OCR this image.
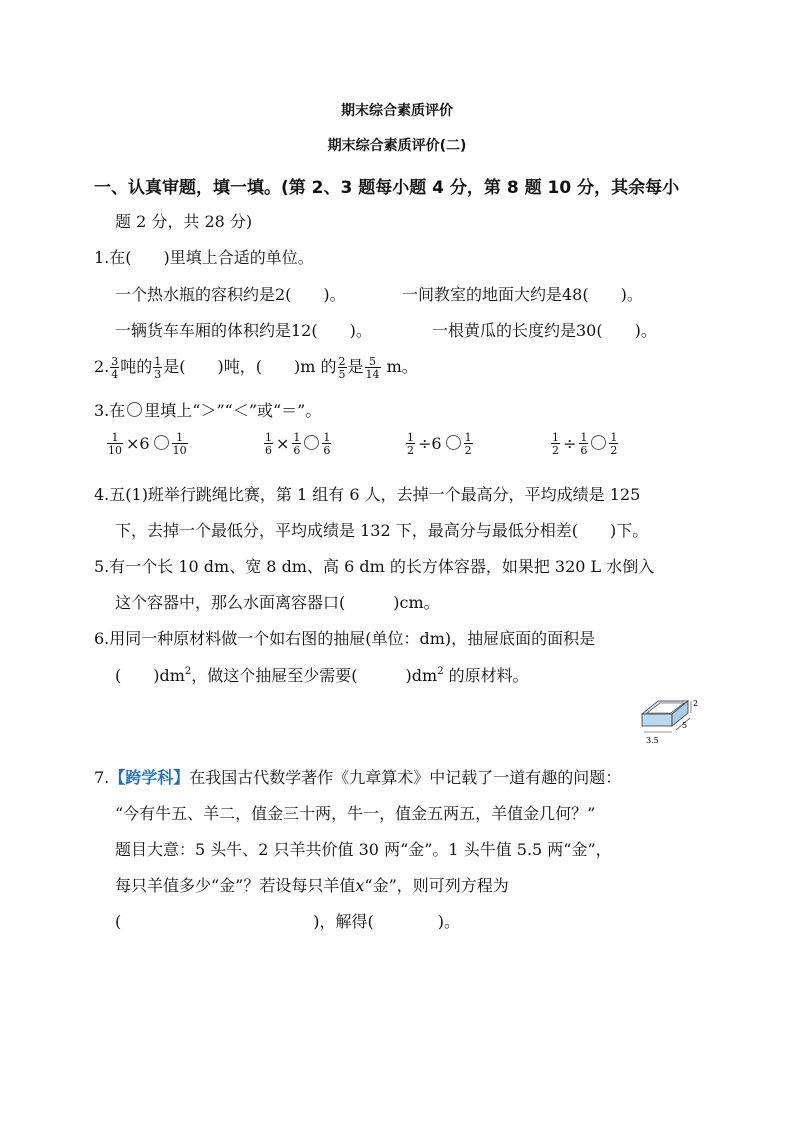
期末综合素质评价
期末综合素质评价(二)
一、认真审题，填一填。(第 2、3 题每小题 4 分，第 8 题 10 分，其余每小
题 2 分，共 28 分)
1.在(　　)里填上合适的单位。
一个热水瓶的容积约是2(　　)。	一间教室的地面大约是48(　　)。
一辆货车车厢的体积约是12(　　)。	一根黄瓜的长度约是30(　　)。
2. $\frac{3}{4}$ 吨的 $\frac{1}{3}$ 是(　　)吨，(　　)m 的 $\frac{2}{5}$ 是 $\frac{5}{14}$ m。
3.在 里填上“＞”“＜”或“＝”。
$\frac{1}{10} \times 6 \frac{1}{10}$	$\frac{1}{6} \times \frac{1}{6} \frac{1}{6}$	$\frac{1}{2} \div 6 \frac{1}{2}$	$\frac{1}{2} \div \frac{1}{6} \frac{1}{2}$
4.五(1)班举行跳绳比赛，第 1 组有 6 人，去掉一个最高分，平均成绩是 125
下，去掉一个最低分，平均成绩是 132 下，最高分与最低分相差(　　)下。
5.有一个长 10 dm、宽 8 dm、高 6 dm 的长方体容器，如果把 320 L 水倒入
这个容器中，那么水面离容器口(　　　)cm。
6.用同一种原材料做一个如右图的抽屉(单位：dm)，抽屉底面的面积是
(　　)$dm^2$，做这个抽屉至少需要(　　　)$dm^2$ 的原材料。
2
5
3.5
7.【跨学科】在我国古代数学著作《九章算术》中记载了一道有趣的问题：
“今有牛五、羊二，值金三十两，牛一，值金五两五，羊值金几何？”
题目大意：5 头牛、2 只羊共价值 30 两“金”。1 头牛值 5.5 两“金”，
每只羊值多少“金”？若设每只羊值x“金”，则可列方程为
(　　　　　　　　　　　　)，解得(　　　　)。
